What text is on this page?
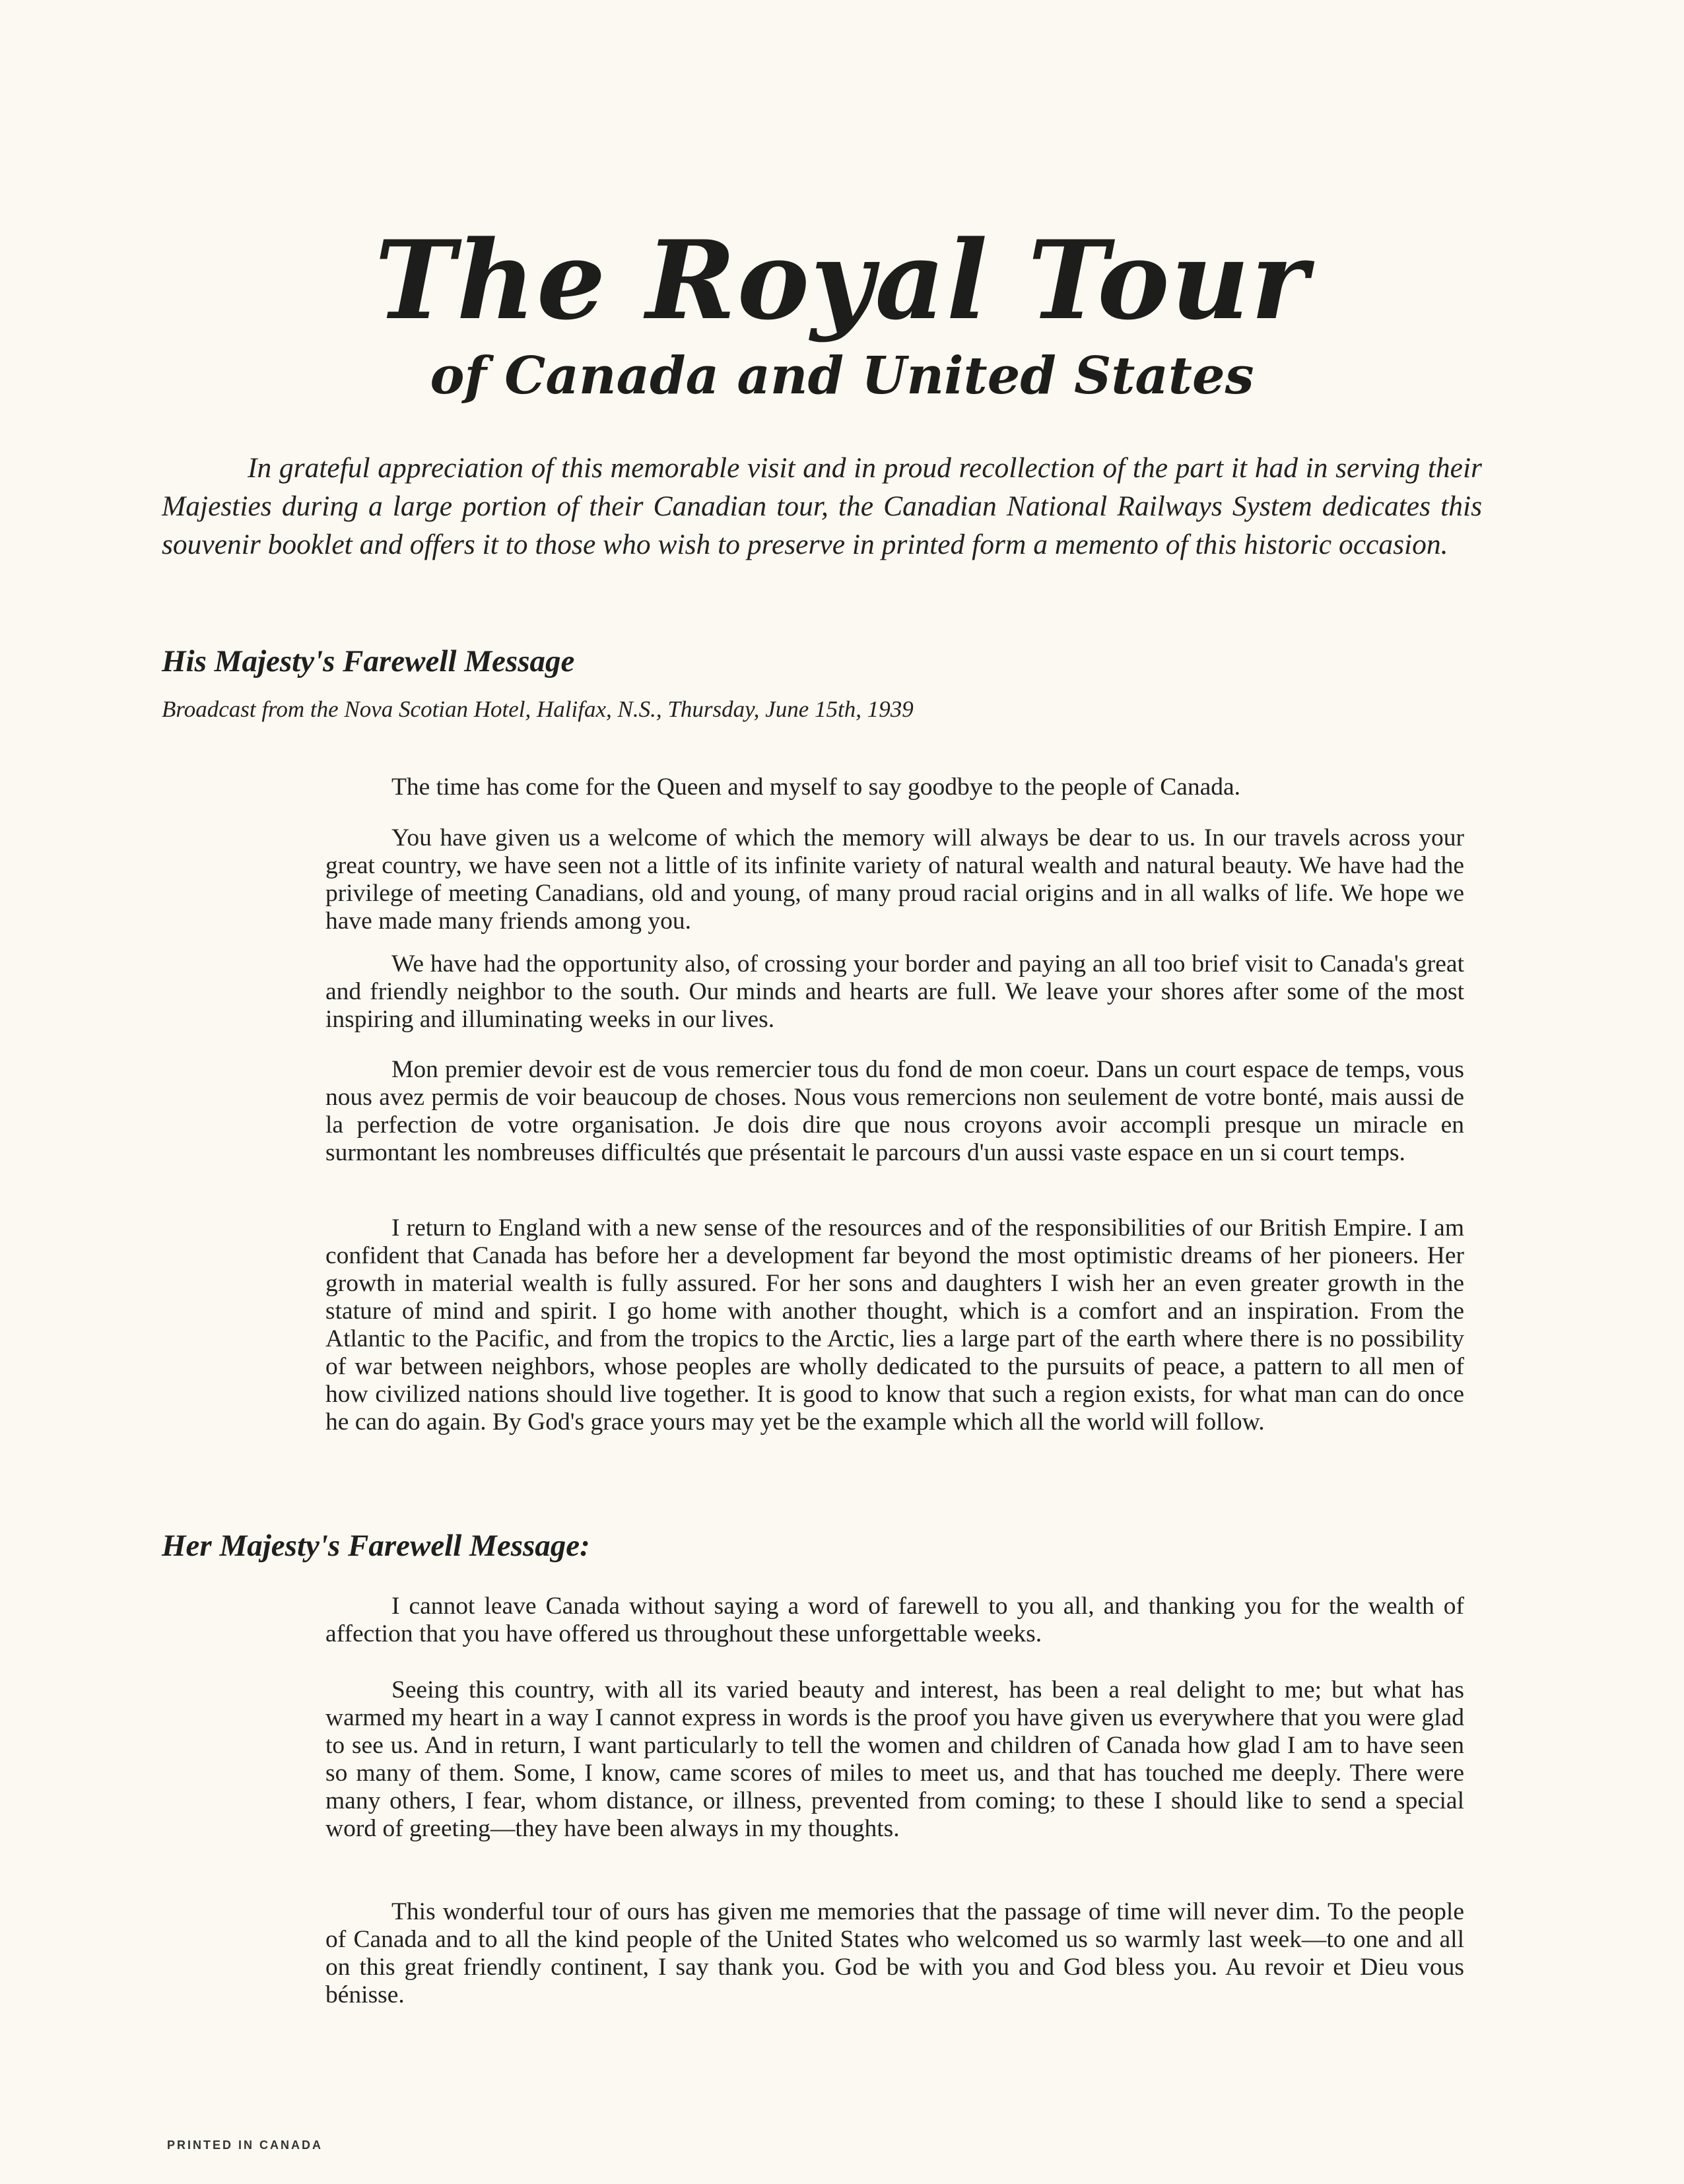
The Royal Tour
of Canada and United States

In grateful appreciation of this memorable visit and in proud recollection of the part it had in serving their Majesties during a large portion of their Canadian tour, the Canadian National Railways System dedicates this souvenir booklet and offers it to those who wish to preserve in printed form a memento of this historic occasion.

His Majesty's Farewell Message

Broadcast from the Nova Scotian Hotel, Halifax, N.S., Thursday, June 15th, 1939

The time has come for the Queen and myself to say goodbye to the people of Canada.

You have given us a welcome of which the memory will always be dear to us. In our travels across your great country, we have seen not a little of its infinite variety of natural wealth and natural beauty. We have had the privilege of meeting Canadians, old and young, of many proud racial origins and in all walks of life. We hope we have made many friends among you.

We have had the opportunity also, of crossing your border and paying an all too brief visit to Canada's great and friendly neighbor to the south. Our minds and hearts are full. We leave your shores after some of the most inspiring and illuminating weeks in our lives.

Mon premier devoir est de vous remercier tous du fond de mon coeur. Dans un court espace de temps, vous nous avez permis de voir beaucoup de choses. Nous vous remercions non seulement de votre bonté, mais aussi de la perfection de votre organisation. Je dois dire que nous croyons avoir accompli presque un miracle en surmontant les nombreuses difficultés que présentait le parcours d'un aussi vaste espace en un si court temps.

I return to England with a new sense of the resources and of the responsibilities of our British Empire. I am confident that Canada has before her a development far beyond the most optimistic dreams of her pioneers. Her growth in material wealth is fully assured. For her sons and daughters I wish her an even greater growth in the stature of mind and spirit. I go home with another thought, which is a comfort and an inspiration. From the Atlantic to the Pacific, and from the tropics to the Arctic, lies a large part of the earth where there is no possibility of war between neighbors, whose peoples are wholly dedicated to the pursuits of peace, a pattern to all men of how civilized nations should live together. It is good to know that such a region exists, for what man can do once he can do again. By God's grace yours may yet be the example which all the world will follow.

Her Majesty's Farewell Message:

I cannot leave Canada without saying a word of farewell to you all, and thanking you for the wealth of affection that you have offered us throughout these unforgettable weeks.

Seeing this country, with all its varied beauty and interest, has been a real delight to me; but what has warmed my heart in a way I cannot express in words is the proof you have given us everywhere that you were glad to see us. And in return, I want particularly to tell the women and children of Canada how glad I am to have seen so many of them. Some, I know, came scores of miles to meet us, and that has touched me deeply. There were many others, I fear, whom distance, or illness, prevented from coming; to these I should like to send a special word of greeting—they have been always in my thoughts.

This wonderful tour of ours has given me memories that the passage of time will never dim. To the people of Canada and to all the kind people of the United States who welcomed us so warmly last week—to one and all on this great friendly continent, I say thank you. God be with you and God bless you. Au revoir et Dieu vous bénisse.

PRINTED IN CANADA
